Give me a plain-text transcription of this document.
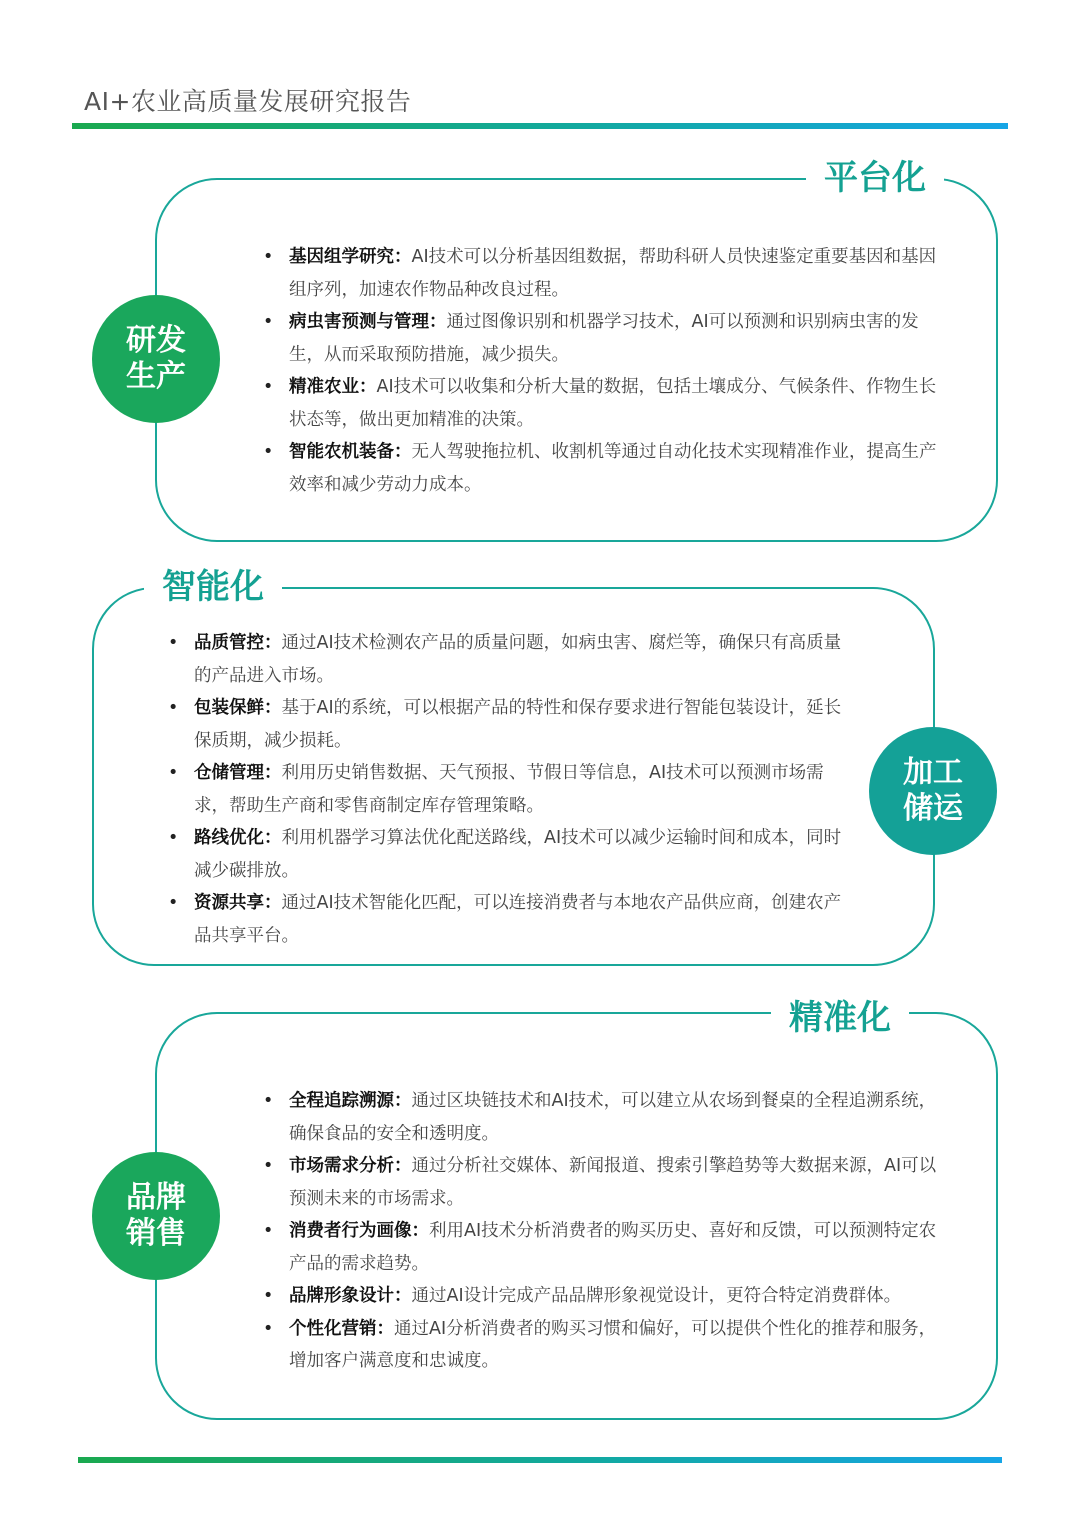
AI+农业高质量发展研究报告
平台化
研发
生产
• 基因组学研究：AI技术可以分析基因组数据，帮助科研人员快速鉴定重要基因和基因组序列，加速农作物品种改良过程。
• 病虫害预测与管理：通过图像识别和机器学习技术，AI可以预测和识别病虫害的发生，从而采取预防措施，减少损失。
• 精准农业：AI技术可以收集和分析大量的数据，包括土壤成分、气候条件、作物生长状态等，做出更加精准的决策。
• 智能农机装备：无人驾驶拖拉机、收割机等通过自动化技术实现精准作业，提高生产效率和减少劳动力成本。
智能化
加工
储运
• 品质管控：通过AI技术检测农产品的质量问题，如病虫害、腐烂等，确保只有高质量的产品进入市场。
• 包装保鲜：基于AI的系统，可以根据产品的特性和保存要求进行智能包装设计，延长保质期，减少损耗。
• 仓储管理：利用历史销售数据、天气预报、节假日等信息，AI技术可以预测市场需求，帮助生产商和零售商制定库存管理策略。
• 路线优化：利用机器学习算法优化配送路线，AI技术可以减少运输时间和成本，同时减少碳排放。
• 资源共享：通过AI技术智能化匹配，可以连接消费者与本地农产品供应商，创建农产品共享平台。
精准化
品牌
销售
• 全程追踪溯源：通过区块链技术和AI技术，可以建立从农场到餐桌的全程追溯系统，确保食品的安全和透明度。
• 市场需求分析：通过分析社交媒体、新闻报道、搜索引擎趋势等大数据来源，AI可以预测未来的市场需求。
• 消费者行为画像：利用AI技术分析消费者的购买历史、喜好和反馈，可以预测特定农产品的需求趋势。
• 品牌形象设计：通过AI设计完成产品品牌形象视觉设计，更符合特定消费群体。
• 个性化营销：通过AI分析消费者的购买习惯和偏好，可以提供个性化的推荐和服务，增加客户满意度和忠诚度。
